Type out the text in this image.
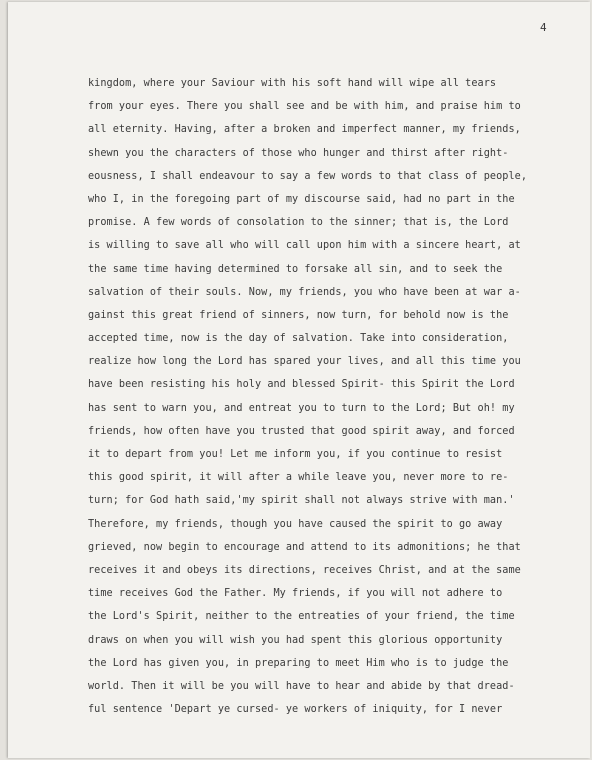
4
kingdom, where your Saviour with his soft hand will wipe all tears
from your eyes. There you shall see and be with him, and praise him to
all eternity. Having, after a broken and imperfect manner, my friends,
shewn you the characters of those who hunger and thirst after right-
eousness, I shall endeavour to say a few words to that class of people,
who I, in the foregoing part of my discourse said, had no part in the
promise. A few words of consolation to the sinner; that is, the Lord
is willing to save all who will call upon him with a sincere heart, at
the same time having determined to forsake all sin, and to seek the
salvation of their souls. Now, my friends, you who have been at war a-
gainst this great friend of sinners, now turn, for behold now is the
accepted time, now is the day of salvation. Take into consideration,
realize how long the Lord has spared your lives, and all this time you
have been resisting his holy and blessed Spirit- this Spirit the Lord
has sent to warn you, and entreat you to turn to the Lord; But oh! my
friends, how often have you trusted that good spirit away, and forced
it to depart from you! Let me inform you, if you continue to resist
this good spirit, it will after a while leave you, never more to re-
turn; for God hath said,'my spirit shall not always strive with man.'
Therefore, my friends, though you have caused the spirit to go away
grieved, now begin to encourage and attend to its admonitions; he that
receives it and obeys its directions, receives Christ, and at the same
time receives God the Father. My friends, if you will not adhere to
the Lord's Spirit, neither to the entreaties of your friend, the time
draws on when you will wish you had spent this glorious opportunity
the Lord has given you, in preparing to meet Him who is to judge the
world. Then it will be you will have to hear and abide by that dread-
ful sentence 'Depart ye cursed- ye workers of iniquity, for I never
